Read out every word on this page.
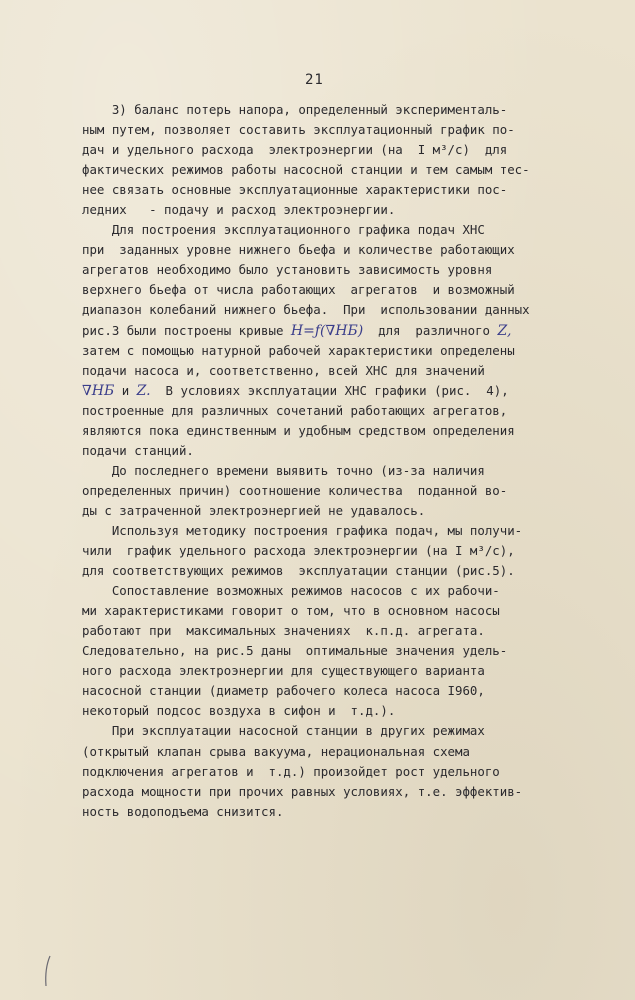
21
3) баланс потерь напора, определенный эксперименталь-
ным путем, позволяет составить эксплуатационный график по-
дач и удельного расхода  электроэнергии (на  I м³/с)  для
фактических режимов работы насосной станции и тем самым тес-
нее связать основные эксплуатационные характеристики пос-
ледних   - подачу и расход электроэнергии.
Для построения эксплуатационного графика подач ХНС
при  заданных уровне нижнего бьефа и количестве работающих
агрегатов необходимо было установить зависимость уровня
верхнего бьефа от числа работающих  агрегатов  и возможный
диапазон колебаний нижнего бьефа.  При  использовании данных
рис.3 были построены кривые H=ƒ(∇HБ)  для  различного Z,
затем с помощью натурной рабочей характеристики определены
подачи насоса и, соответственно, всей ХНС для значений
∇HБ и Z.  В условиях эксплуатации ХНС графики (рис.  4),
построенные для различных сочетаний работающих агрегатов,
являются пока единственным и удобным средством определения
подачи станций.
До последнего времени выявить точно (из-за наличия
определенных причин) соотношение количества  поданной во-
ды с затраченной электроэнергией не удавалось.
Используя методику построения графика подач, мы получи-
чили  график удельного расхода электроэнергии (на I м³/с),
для соответствующих режимов  эксплуатации станции (рис.5).
Сопоставление возможных режимов насосов с их рабочи-
ми характеристиками говорит о том, что в основном насосы
работают при  максимальных значениях  к.п.д. агрегата.
Следовательно, на рис.5 даны  оптимальные значения удель-
ного расхода электроэнергии для существующего варианта
насосной станции (диаметр рабочего колеса насоса I960,
некоторый подсос воздуха в сифон и  т.д.).
При эксплуатации насосной станции в других режимах
(открытый клапан срыва вакуума, нерациональная схема
подключения агрегатов и  т.д.) произойдет рост удельного
расхода мощности при прочих равных условиях, т.е. эффектив-
ность водоподъема снизится.
